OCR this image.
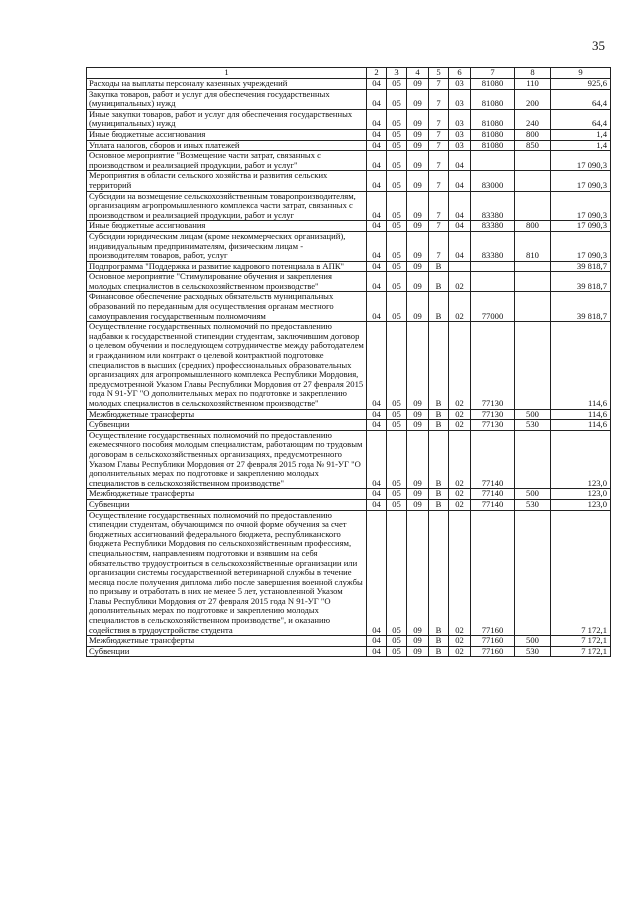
35
1	2	3	4	5	6	7	8	9
Расходы на выплаты персоналу казенных учреждений	04	05	09	7	03	81080	110	925,6
Закупка товаров, работ и услуг для обеспечения государственных (муниципальных) нужд	04	05	09	7	03	81080	200	64,4
Иные закупки товаров, работ и услуг для обеспечения государственных (муниципальных) нужд	04	05	09	7	03	81080	240	64,4
Иные бюджетные ассигнования	04	05	09	7	03	81080	800	1,4
Уплата налогов, сборов и иных платежей	04	05	09	7	03	81080	850	1,4
Основное мероприятие "Возмещение части затрат, связанных с производством и реализацией продукции, работ и услуг"	04	05	09	7	04			17 090,3
Мероприятия в области сельского хозяйства и развития сельских территорий	04	05	09	7	04	83000		17 090,3
Субсидии на возмещение сельскохозяйственным товаропроизводителям, организациям агропромышленного комплекса части затрат, связанных с производством и реализацией продукции, работ и услуг	04	05	09	7	04	83380		17 090,3
Иные бюджетные ассигнования	04	05	09	7	04	83380	800	17 090,3
Субсидии юридическим лицам (кроме некоммерческих организаций), индивидуальным предпринимателям, физическим лицам - производителям товаров, работ, услуг	04	05	09	7	04	83380	810	17 090,3
Подпрограмма "Поддержка и развитие кадрового потенциала в АПК"	04	05	09	В				39 818,7
Основное мероприятие "Стимулирование обучения и закрепления молодых специалистов в сельскохозяйственном производстве"	04	05	09	В	02			39 818,7
Финансовое обеспечение расходных обязательств муниципальных образований по переданным для осуществления органам местного самоуправления государственным полномочиям	04	05	09	В	02	77000		39 818,7
Осуществление государственных полномочий по предоставлению надбавки к государственной стипендии студентам, заключившим договор о целевом обучении и последующем сотрудничестве между работодателем и гражданином или контракт о целевой контрактной подготовке специалистов в высших (средних) профессиональных образовательных организациях для агропромышленного комплекса Республики Мордовия, предусмотренной Указом Главы Республики Мордовия от 27 февраля 2015 года N 91-УГ "О дополнительных мерах по подготовке и закреплению молодых специалистов в сельскохозяйственном производстве"	04	05	09	В	02	77130		114,6
Межбюджетные трансферты	04	05	09	В	02	77130	500	114,6
Субвенции	04	05	09	В	02	77130	530	114,6
Осуществление государственных полномочий по предоставлению ежемесячного пособия молодым специалистам, работающим по трудовым договорам в сельскохозяйственных организациях, предусмотренного Указом Главы Республики Мордовия от 27 февраля 2015 года № 91-УГ "О дополнительных мерах по подготовке и закреплению молодых специалистов в сельскохозяйственном производстве"	04	05	09	В	02	77140		123,0
Межбюджетные трансферты	04	05	09	В	02	77140	500	123,0
Субвенции	04	05	09	В	02	77140	530	123,0
Осуществление государственных полномочий по предоставлению стипендии студентам, обучающимся по очной форме обучения за счет бюджетных ассигнований федерального бюджета, республиканского бюджета Республики Мордовия по сельскохозяйственным профессиям, специальностям, направлениям подготовки и взявшим на себя обязательство трудоустроиться в сельскохозяйственные организации или организации системы государственной ветеринарной службы в течение месяца после получения диплома либо после завершения военной службы по призыву и отработать в них не менее 5 лет, установленной Указом Главы Республики Мордовия от 27 февраля 2015 года N 91-УГ "О дополнительных мерах по подготовке и закреплению молодых специалистов в сельскохозяйственном производстве", и оказанию содействия в трудоустройстве студента	04	05	09	В	02	77160		7 172,1
Межбюджетные трансферты	04	05	09	В	02	77160	500	7 172,1
Субвенции	04	05	09	В	02	77160	530	7 172,1
